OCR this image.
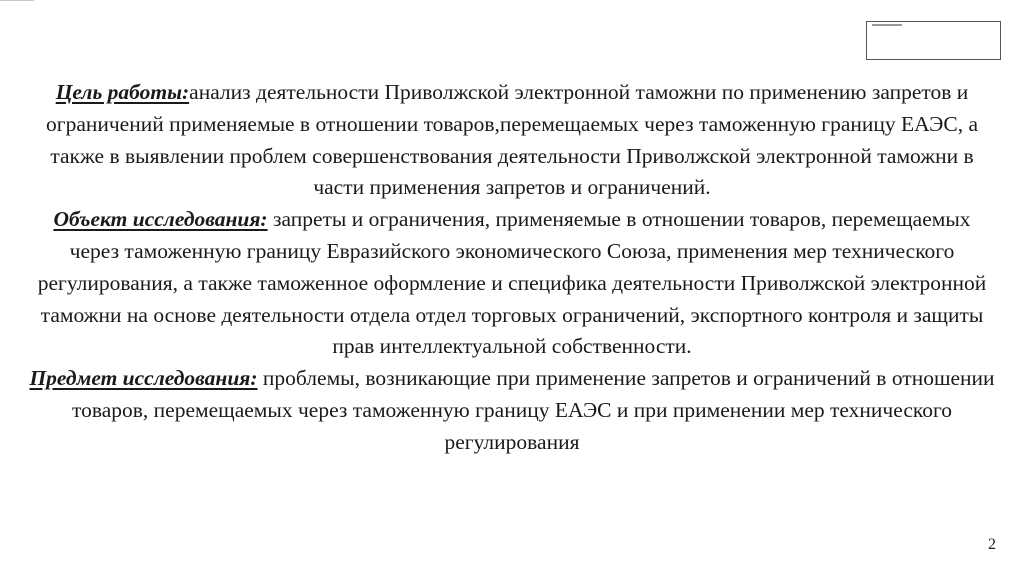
Цель работы:анализ деятельности Приволжской электронной таможни по применению запретов и ограничений применяемые в отношении товаров,перемещаемых через таможенную границу ЕАЭС, а также в выявлении проблем совершенствования деятельности Приволжской электронной таможни в части применения запретов и ограничений.

Объект исследования: запреты и ограничения, применяемые в отношении товаров, перемещаемых через таможенную границу Евразийского экономического Союза, применения мер технического регулирования, а также таможенное оформление и специфика деятельности Приволжской электронной таможни на основе деятельности отдела отдел торговых ограничений, экспортного контроля и защиты прав интеллектуальной собственности.

Предмет исследования: проблемы, возникающие при применение запретов и ограничений в отношении товаров, перемещаемых через таможенную границу ЕАЭС и при применении мер технического регулирования

2
